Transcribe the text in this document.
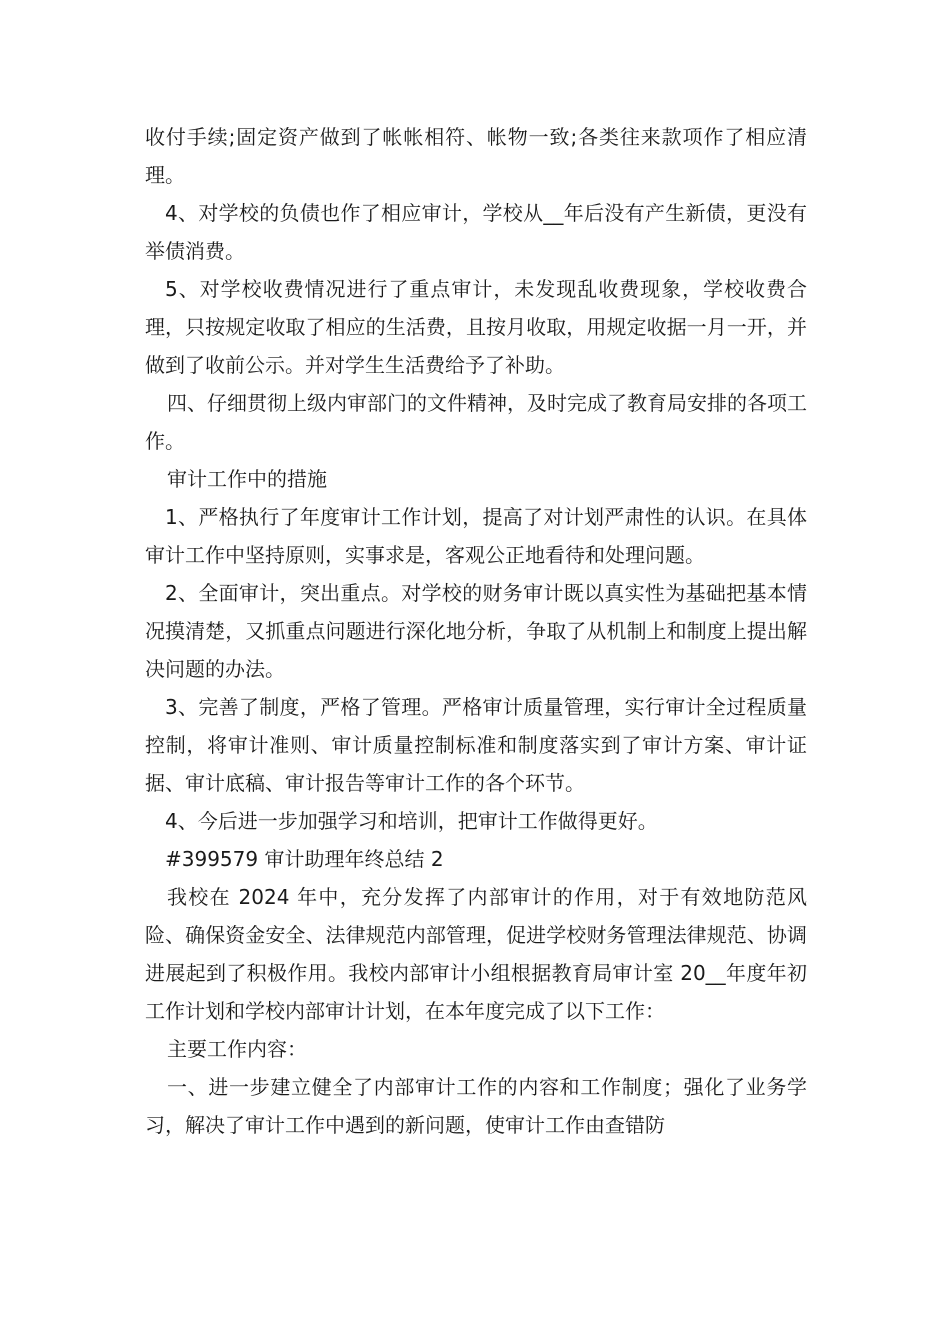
收付手续;固定资产做到了帐帐相符、帐物一致;各类往来款项作了相应清理。

4、对学校的负债也作了相应审计，学校从__年后没有产生新债，更没有举债消费。

5、对学校收费情况进行了重点审计，未发现乱收费现象，学校收费合理，只按规定收取了相应的生活费，且按月收取，用规定收据一月一开，并做到了收前公示。并对学生生活费给予了补助。

四、仔细贯彻上级内审部门的文件精神，及时完成了教育局安排的各项工作。

审计工作中的措施

1、严格执行了年度审计工作计划，提高了对计划严肃性的认识。在具体审计工作中坚持原则，实事求是，客观公正地看待和处理问题。

2、全面审计，突出重点。对学校的财务审计既以真实性为基础把基本情况摸清楚，又抓重点问题进行深化地分析，争取了从机制上和制度上提出解决问题的办法。

3、完善了制度，严格了管理。严格审计质量管理，实行审计全过程质量控制，将审计准则、审计质量控制标准和制度落实到了审计方案、审计证据、审计底稿、审计报告等审计工作的各个环节。

4、今后进一步加强学习和培训，把审计工作做得更好。

#399579 审计助理年终总结 2

我校在 2024 年中，充分发挥了内部审计的作用，对于有效地防范风险、确保资金安全、法律规范内部管理，促进学校财务管理法律规范、协调进展起到了积极作用。我校内部审计小组根据教育局审计室 20__年度年初工作计划和学校内部审计计划，在本年度完成了以下工作：

主要工作内容：

一、进一步建立健全了内部审计工作的内容和工作制度；强化了业务学习，解决了审计工作中遇到的新问题，使审计工作由查错防
